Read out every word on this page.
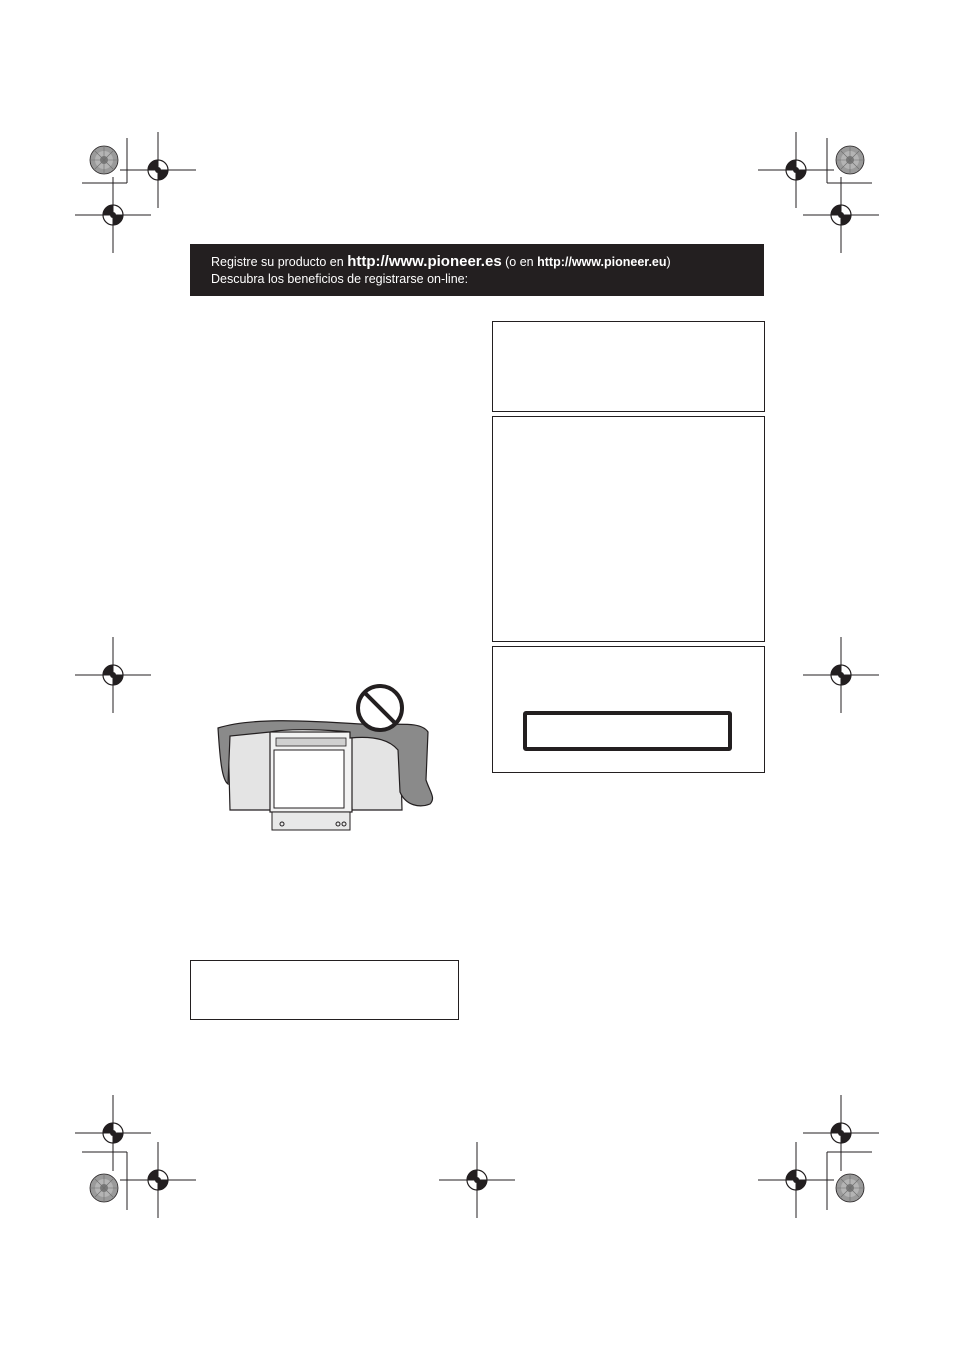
Registre su producto en http://www.pioneer.es (o en http://www.pioneer.eu)
Descubra los beneficios de registrarse on-line:
